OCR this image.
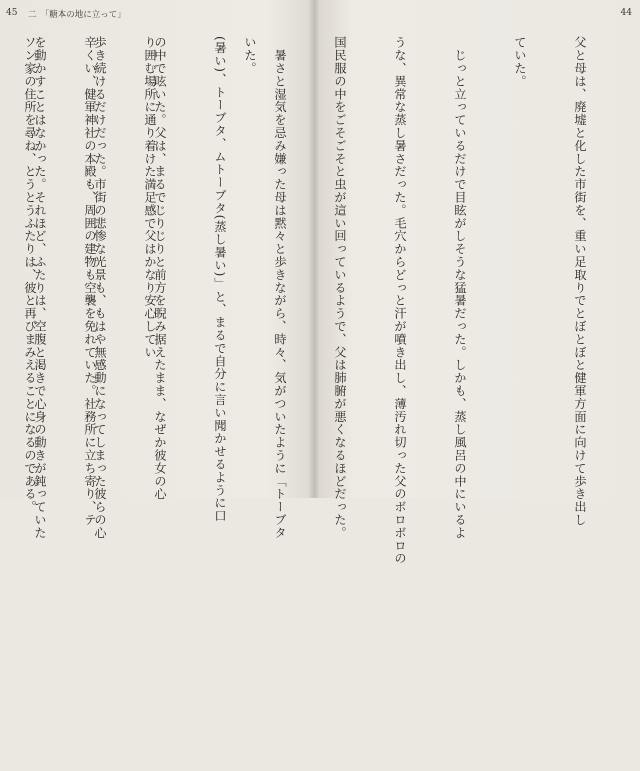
45 二　「糖本の地に立って」

いた。

り囲む場所に通り着けた満足感で父はかなり安心してい

辛くい、健軍神社の本殿も、周囲の建物も空襲を免れていた。社務所に立ち寄り、テ

ソン家の住所を尋ね、とうとうふたりは、彼と再びまみえることになるのである。

44

父と母は、廃墟と化した市街を、重い足取りでとぼとぼと健軍方面に向けて歩き出し

ていた。

　じっと立っているだけで目眩がしそうな猛暑だった。しかも、蒸し風呂の中にいるよ

うな、異常な蒸し暑さだった。毛穴からどっと汗が噴き出し、薄汚れ切った父のボロボロの

国民服の中をごそごそと虫が這い回っているようで、父は肺腑が悪くなるほどだった。

　暑さと湿気を忌み嫌った母は黙々と歩きながら、時々、気がついたように「トーブタ

(暑い)、トーブタ、ムトーブタ(蒸し暑い)」と、まるで自分に言い聞かせるように口

の中で呟いた。父は、まるでじりじりと前方を睨み据えたまま、なぜか彼女の心

歩き続けるだけだった。市街の悲惨な光景も、もはや無感動になってしまった彼らの心

を動かすことはなかった。それほど、ふたりは、空腹と渇きで心身の動きが鈍っていた
